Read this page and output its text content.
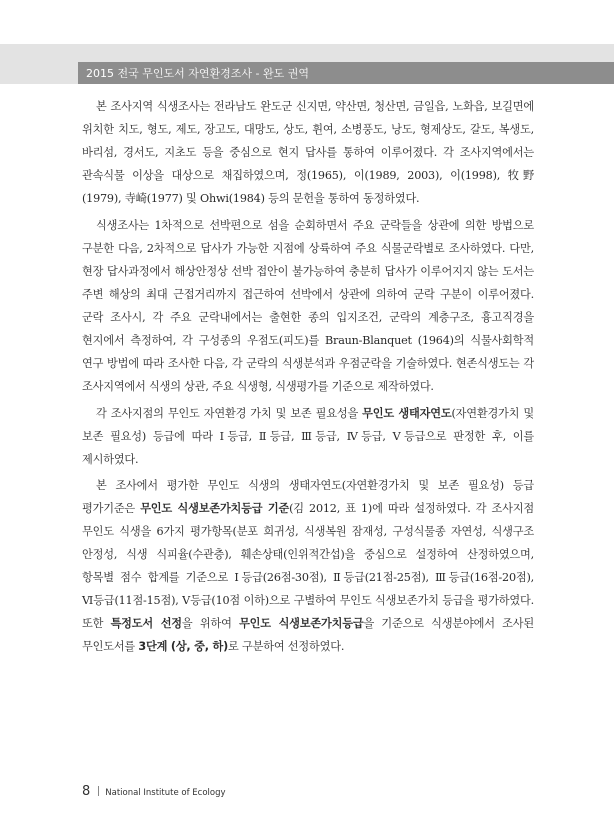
2015 전국 무인도서 자연환경조사 - 완도 권역

본 조사지역 식생조사는 전라남도 완도군 신지면, 약산면, 청산면, 금일읍, 노화읍, 보길면에 위치한 치도, 형도, 제도, 장고도, 대망도, 상도, 휜여, 소병풍도, 낭도, 형제상도, 갈도, 복생도, 바리섬, 경서도, 지초도 등을 중심으로 현지 답사를 통하여 이루어졌다. 각 조사지역에서는 관속식물 이상을 대상으로 채집하였으며, 정(1965), 이(1989, 2003), 이(1998), 牧野(1979), 寺崎(1977) 및 Ohwi(1984) 등의 문헌을 통하여 동정하였다.

식생조사는 1차적으로 선박편으로 섬을 순회하면서 주요 군락들을 상관에 의한 방법으로 구분한 다음, 2차적으로 답사가 가능한 지점에 상륙하여 주요 식물군락별로 조사하였다. 다만, 현장 답사과정에서 해상안정상 선박 접안이 불가능하여 충분히 답사가 이루어지지 않는 도서는 주변 해상의 최대 근접거리까지 접근하여 선박에서 상관에 의하여 군락 구분이 이루어졌다. 군락 조사시, 각 주요 군락내에서는 출현한 종의 입지조건, 군락의 계층구조, 흉고직경을 현지에서 측정하여, 각 구성종의 우점도(피도)를 Braun-Blanquet (1964)의 식물사회학적 연구 방법에 따라 조사한 다음, 각 군락의 식생분석과 우점군락을 기술하였다. 현존식생도는 각 조사지역에서 식생의 상관, 주요 식생형, 식생평가를 기준으로 제작하였다.

각 조사지점의 무인도 자연환경 가치 및 보존 필요성을 무인도 생태자연도(자연환경가치 및 보존 필요성) 등급에 따라 Ⅰ등급, Ⅱ등급, Ⅲ등급, Ⅳ등급, Ⅴ등급으로 판정한 후, 이를 제시하였다.

본 조사에서 평가한 무인도 식생의 생태자연도(자연환경가치 및 보존 필요성) 등급 평가기준은 무인도 식생보존가치등급 기준(김 2012, 표 1)에 따라 설정하였다. 각 조사지점 무인도 식생을 6가지 평가항목(분포 희귀성, 식생복원 잠재성, 구성식물종 자연성, 식생구조 안정성, 식생 식피율(수관층), 훼손상태(인위적간섭)을 중심으로 설정하여 산정하였으며, 항목별 점수 합계를 기준으로 Ⅰ등급(26점-30점), Ⅱ등급(21점-25점), Ⅲ등급(16점-20점), Ⅵ등급(11점-15점), Ⅴ등급(10점 이하)으로 구별하여 무인도 식생보존가치 등급을 평가하였다. 또한 특정도서 선정을 위하여 무인도 식생보존가치등급을 기준으로 식생분야에서 조사된 무인도서를 3단계 (상, 중, 하)로 구분하여 선정하였다.

8 National Institute of Ecology
